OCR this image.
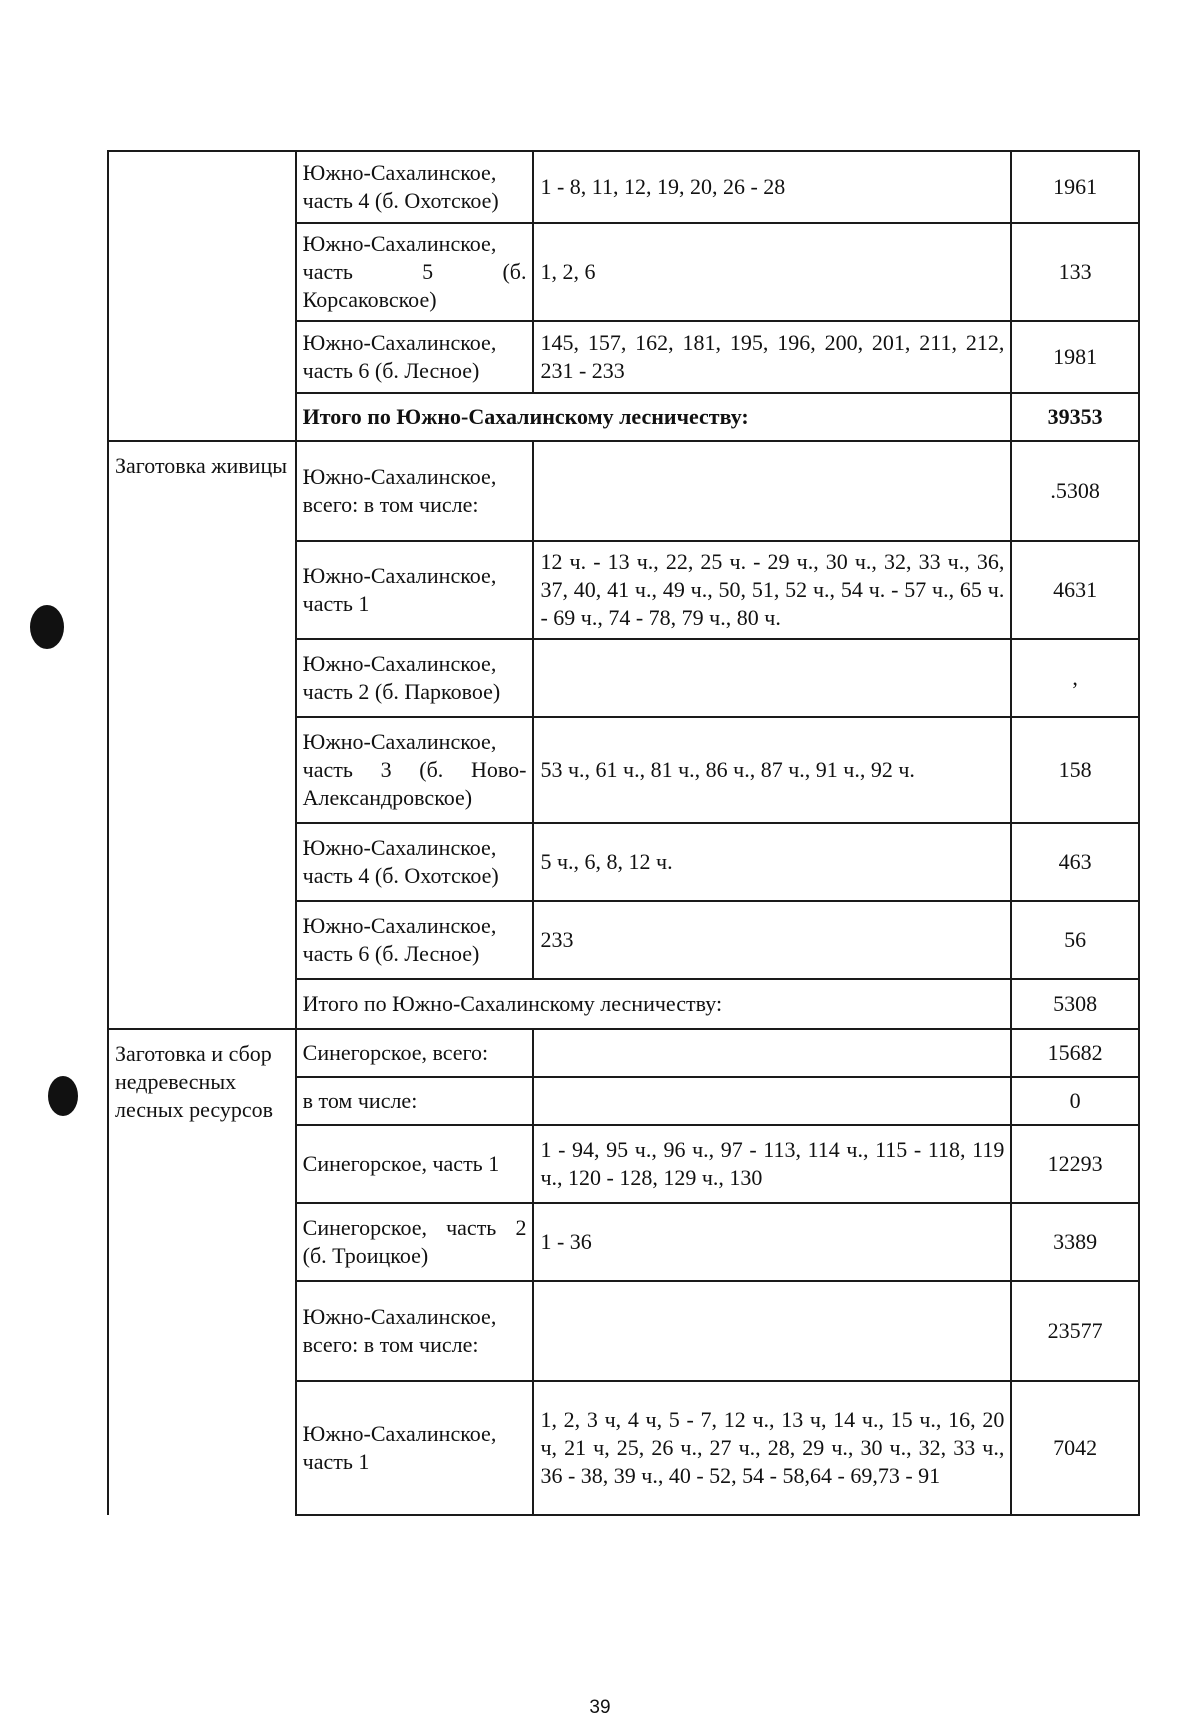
	Южно-Сахалинское, часть 4 (б. Охотское)	1 - 8, 11, 12, 19, 20, 26 - 28	1961
	Южно-Сахалинское, часть 5 (б. Корсаковское)	1, 2, 6	133
	Южно-Сахалинское, часть 6 (б. Лесное)	145, 157, 162, 181, 195, 196, 200, 201, 211, 212, 231 - 233	1981
	Итого по Южно-Сахалинскому лесничеству:		39353
Заготовка живицы	Южно-Сахалинское, всего: в том числе:		.5308
	Южно-Сахалинское, часть 1	12 ч. - 13 ч., 22, 25 ч. - 29 ч., 30 ч., 32, 33 ч., 36, 37, 40, 41 ч., 49 ч., 50, 51, 52 ч., 54 ч. - 57 ч., 65 ч. - 69 ч., 74 - 78, 79 ч., 80 ч.	4631
	Южно-Сахалинское, часть 2 (б. Парковое)		,
	Южно-Сахалинское, часть 3 (б. Ново-Александровское)	53 ч., 61 ч., 81 ч., 86 ч., 87 ч., 91 ч., 92 ч.	158
	Южно-Сахалинское, часть 4 (б. Охотское)	5 ч., 6, 8, 12 ч.	463
	Южно-Сахалинское, часть 6 (б. Лесное)	233	56
	Итого по Южно-Сахалинскому лесничеству:		5308
Заготовка и сбор недревесных лесных ресурсов	Синегорское, всего:		15682
	в том числе:		0
	Синегорское, часть 1	1 - 94, 95 ч., 96 ч., 97 - 113, 114 ч., 115 - 118, 119 ч., 120 - 128, 129 ч., 130	12293
	Синегорское, часть 2 (б. Троицкое)	1 - 36	3389
	Южно-Сахалинское, всего: в том числе:		23577
	Южно-Сахалинское, часть 1	1, 2, 3 ч, 4 ч, 5 - 7, 12 ч., 13 ч, 14 ч., 15 ч., 16, 20 ч, 21 ч, 25, 26 ч., 27 ч., 28, 29 ч., 30 ч., 32, 33 ч., 36 - 38, 39 ч., 40 - 52, 54 - 58,64 - 69,73 - 91	7042
39
